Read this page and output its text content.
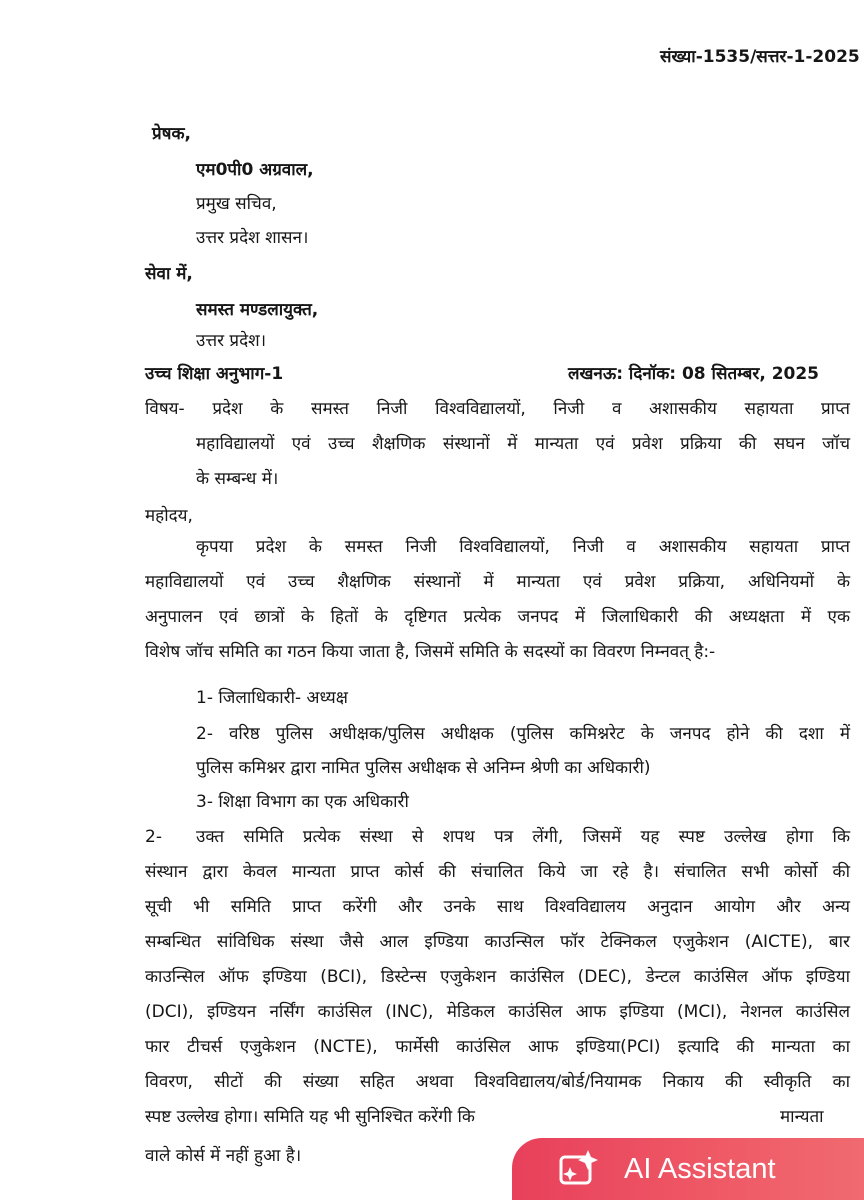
संख्या-1535/सत्तर-1-2025
प्रेषक,
एम0पी0 अग्रवाल,
प्रमुख सचिव,
उत्तर प्रदेश शासन।
सेवा में,
समस्त मण्डलायुक्त,
उत्तर प्रदेश।
उच्च शिक्षा अनुभाग-1	लखनऊ: दिनॉक: 08 सितम्बर, 2025
विषय- प्रदेश के समस्त निजी विश्वविद्यालयों, निजी व अशासकीय सहायता प्राप्त
महाविद्यालयों एवं उच्च शैक्षणिक संस्थानों में मान्यता एवं प्रवेश प्रक्रिया की सघन जॉच
के सम्बन्ध में।
महोदय,
कृपया प्रदेश के समस्त निजी विश्वविद्यालयों, निजी व अशासकीय सहायता प्राप्त
महाविद्यालयों एवं उच्च शैक्षणिक संस्थानों में मान्यता एवं प्रवेश प्रक्रिया, अधिनियमों के
अनुपालन एवं छात्रों के हितों के दृष्टिगत प्रत्येक जनपद में जिलाधिकारी की अध्यक्षता में एक
विशेष जॉच समिति का गठन किया जाता है, जिसमें समिति के सदस्यों का विवरण निम्नवत् है:-
1- जिलाधिकारी- अध्यक्ष
2- वरिष्ठ पुलिस अधीक्षक/पुलिस अधीक्षक (पुलिस कमिश्नरेट के जनपद होने की दशा में
पुलिस कमिश्नर द्वारा नामित पुलिस अधीक्षक से अनिम्न श्रेणी का अधिकारी)
3- शिक्षा विभाग का एक अधिकारी
2- उक्त समिति प्रत्येक संस्था से शपथ पत्र लेंगी, जिसमें यह स्पष्ट उल्लेख होगा कि
संस्थान द्वारा केवल मान्यता प्राप्त कोर्स की संचालित किये जा रहे है। संचालित सभी कोर्सो की
सूची भी समिति प्राप्त करेंगी और उनके साथ विश्वविद्यालय अनुदान आयोग और अन्य
सम्बन्धित सांविधिक संस्था जैसे आल इण्डिया काउन्सिल फॉर टेक्निकल एजुकेशन (AICTE), बार
काउन्सिल ऑफ इण्डिया (BCI), डिस्टेन्स एजुकेशन काउंसिल (DEC), डेन्टल काउंसिल ऑफ इण्डिया
(DCI), इण्डियन नर्सिंग काउंसिल (INC), मेडिकल काउंसिल आफ इण्डिया (MCI), नेशनल काउंसिल
फार टीचर्स एजुकेशन (NCTE), फार्मेसी काउंसिल आफ इण्डिया(PCI) इत्यादि की मान्यता का
विवरण, सीटों की संख्या सहित अथवा विश्वविद्यालय/बोर्ड/नियामक निकाय की स्वीकृति का
स्पष्ट उल्लेख होगा। समिति यह भी सुनिश्चित करेंगी कि	मान्यता
वाले कोर्स में नहीं हुआ है।	AI Assistant
